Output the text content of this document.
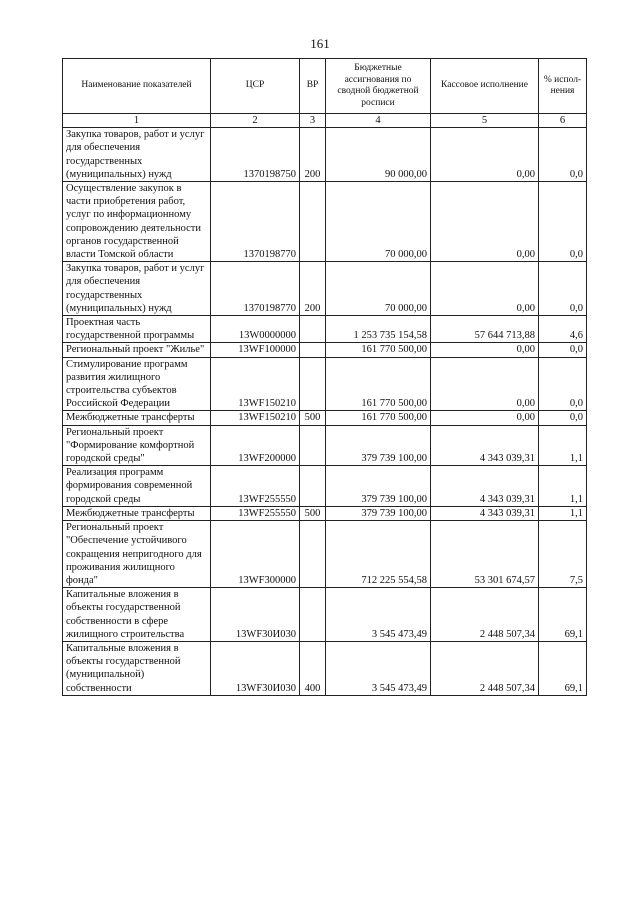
161
Наименование показателей	ЦСР	ВР	Бюджетные ассигнования по сводной бюджетной росписи	Кассовое исполнение	% испол-нения
1	2	3	4	5	6
Закупка товаров, работ и услуг для обеспечения государственных (муниципальных) нужд	1370198750	200	90 000,00	0,00	0,0
Осуществление закупок в части приобретения работ, услуг по информационному сопровождению деятельности органов государственной власти Томской области	1370198770		70 000,00	0,00	0,0
Закупка товаров, работ и услуг для обеспечения государственных (муниципальных) нужд	1370198770	200	70 000,00	0,00	0,0
Проектная часть государственной программы	13W0000000		1 253 735 154,58	57 644 713,88	4,6
Региональный проект "Жилье"	13WF100000		161 770 500,00	0,00	0,0
Стимулирование программ развития жилищного строительства субъектов Российской Федерации	13WF150210		161 770 500,00	0,00	0,0
Межбюджетные трансферты	13WF150210	500	161 770 500,00	0,00	0,0
Региональный проект "Формирование комфортной городской среды"	13WF200000		379 739 100,00	4 343 039,31	1,1
Реализация программ формирования современной городской среды	13WF255550		379 739 100,00	4 343 039,31	1,1
Межбюджетные трансферты	13WF255550	500	379 739 100,00	4 343 039,31	1,1
Региональный проект "Обеспечение устойчивого сокращения непригодного для проживания жилищного фонда"	13WF300000		712 225 554,58	53 301 674,57	7,5
Капитальные вложения в объекты государственной собственности в сфере жилищного строительства	13WF30И030		3 545 473,49	2 448 507,34	69,1
Капитальные вложения в объекты государственной (муниципальной) собственности	13WF30И030	400	3 545 473,49	2 448 507,34	69,1
